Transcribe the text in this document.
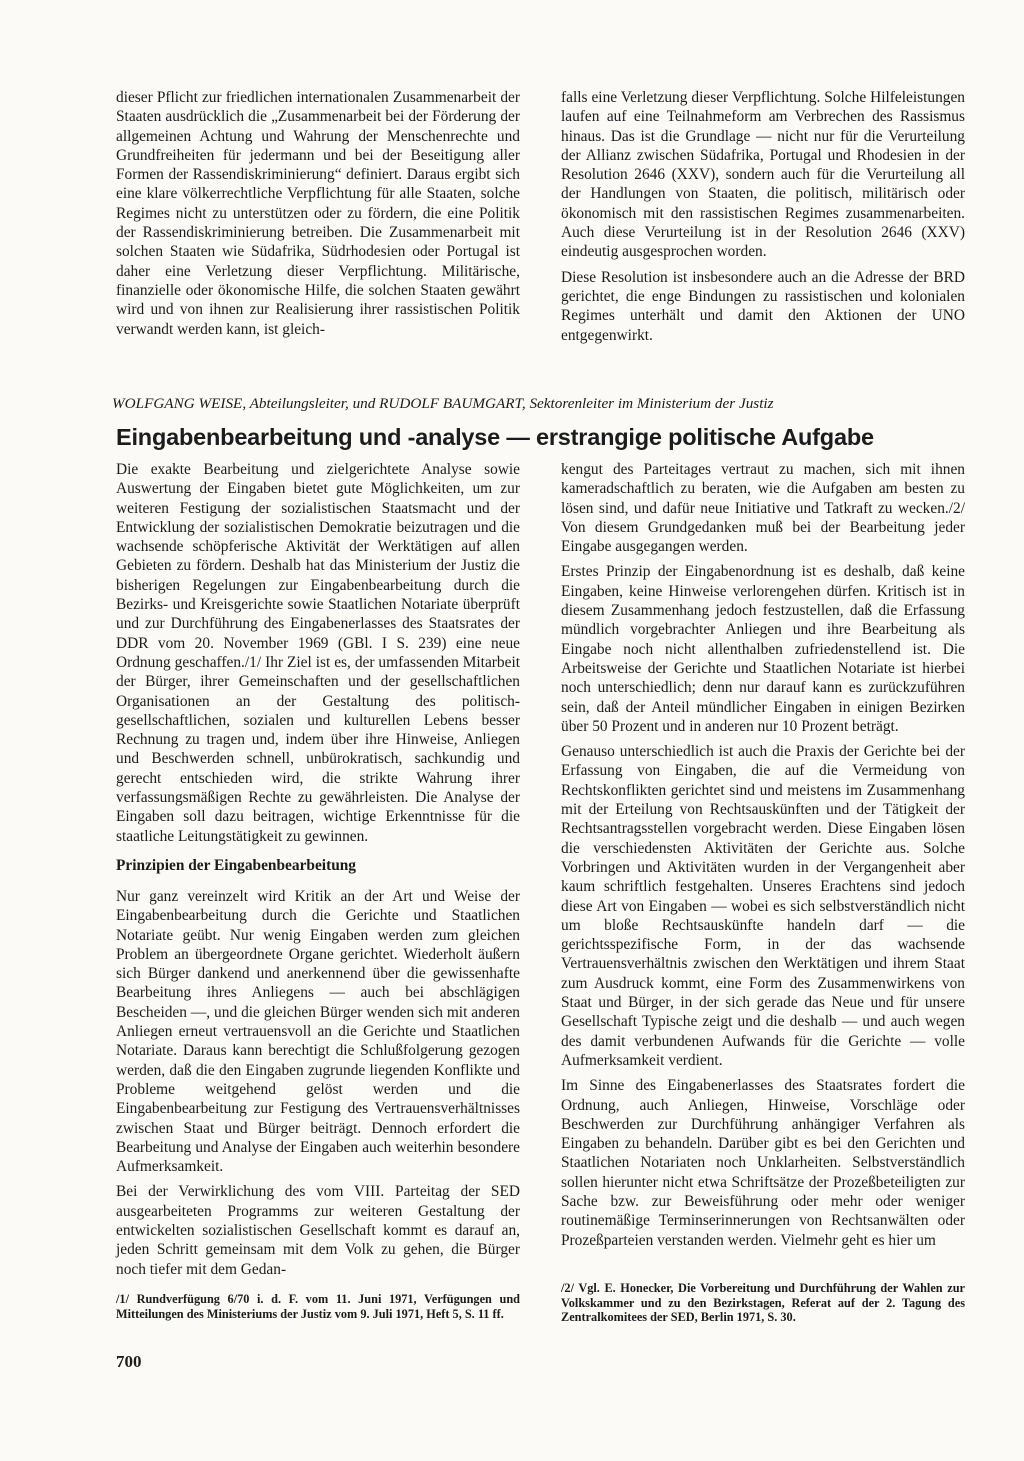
dieser Pflicht zur friedlichen internationalen Zusammenarbeit der Staaten ausdrücklich die „Zusammenarbeit bei der Förderung der allgemeinen Achtung und Wahrung der Menschenrechte und Grundfreiheiten für jedermann und bei der Beseitigung aller Formen der Rassendiskriminierung“ definiert. Daraus ergibt sich eine klare völkerrechtliche Verpflichtung für alle Staaten, solche Regimes nicht zu unterstützen oder zu fördern, die eine Politik der Rassendiskriminierung betreiben. Die Zusammenarbeit mit solchen Staaten wie Südafrika, Südrhodesien oder Portugal ist daher eine Verletzung dieser Verpflichtung. Militärische, finanzielle oder ökonomische Hilfe, die solchen Staaten gewährt wird und von ihnen zur Realisierung ihrer rassistischen Politik verwandt werden kann, ist gleich-

falls eine Verletzung dieser Verpflichtung. Solche Hilfeleistungen laufen auf eine Teilnahmeform am Verbrechen des Rassismus hinaus. Das ist die Grundlage — nicht nur für die Verurteilung der Allianz zwischen Südafrika, Portugal und Rhodesien in der Resolution 2646 (XXV), sondern auch für die Verurteilung all der Handlungen von Staaten, die politisch, militärisch oder ökonomisch mit den rassistischen Regimes zusammenarbeiten. Auch diese Verurteilung ist in der Resolution 2646 (XXV) eindeutig ausgesprochen worden.

Diese Resolution ist insbesondere auch an die Adresse der BRD gerichtet, die enge Bindungen zu rassistischen und kolonialen Regimes unterhält und damit den Aktionen der UNO entgegenwirkt.

WOLFGANG WEISE, Abteilungsleiter, und RUDOLF BAUMGART, Sektorenleiter im Ministerium der Justiz

Eingabenbearbeitung und -analyse — erstrangige politische Aufgabe

Die exakte Bearbeitung und zielgerichtete Analyse sowie Auswertung der Eingaben bietet gute Möglichkeiten, um zur weiteren Festigung der sozialistischen Staatsmacht und der Entwicklung der sozialistischen Demokratie beizutragen und die wachsende schöpferische Aktivität der Werktätigen auf allen Gebieten zu fördern. Deshalb hat das Ministerium der Justiz die bisherigen Regelungen zur Eingabenbearbeitung durch die Bezirks- und Kreisgerichte sowie Staatlichen Notariate überprüft und zur Durchführung des Eingabenerlasses des Staatsrates der DDR vom 20. November 1969 (GBl. I S. 239) eine neue Ordnung geschaffen./1/ Ihr Ziel ist es, der umfassenden Mitarbeit der Bürger, ihrer Gemeinschaften und der gesellschaftlichen Organisationen an der Gestaltung des politisch-gesellschaftlichen, sozialen und kulturellen Lebens besser Rechnung zu tragen und, indem über ihre Hinweise, Anliegen und Beschwerden schnell, unbürokratisch, sachkundig und gerecht entschieden wird, die strikte Wahrung ihrer verfassungsmäßigen Rechte zu gewährleisten. Die Analyse der Eingaben soll dazu beitragen, wichtige Erkenntnisse für die staatliche Leitungstätigkeit zu gewinnen.

Prinzipien der Eingabenbearbeitung

Nur ganz vereinzelt wird Kritik an der Art und Weise der Eingabenbearbeitung durch die Gerichte und Staatlichen Notariate geübt. Nur wenig Eingaben werden zum gleichen Problem an übergeordnete Organe gerichtet. Wiederholt äußern sich Bürger dankend und anerkennend über die gewissenhafte Bearbeitung ihres Anliegens — auch bei abschlägigen Bescheiden —, und die gleichen Bürger wenden sich mit anderen Anliegen erneut vertrauensvoll an die Gerichte und Staatlichen Notariate. Daraus kann berechtigt die Schlußfolgerung gezogen werden, daß die den Eingaben zugrunde liegenden Konflikte und Probleme weitgehend gelöst werden und die Eingabenbearbeitung zur Festigung des Vertrauensverhältnisses zwischen Staat und Bürger beiträgt. Dennoch erfordert die Bearbeitung und Analyse der Eingaben auch weiterhin besondere Aufmerksamkeit.

Bei der Verwirklichung des vom VIII. Parteitag der SED ausgearbeiteten Programms zur weiteren Gestaltung der entwickelten sozialistischen Gesellschaft kommt es darauf an, jeden Schritt gemeinsam mit dem Volk zu gehen, die Bürger noch tiefer mit dem Gedan-

/1/ Rundverfügung 6/70 i. d. F. vom 11. Juni 1971, Verfügungen und Mitteilungen des Ministeriums der Justiz vom 9. Juli 1971, Heft 5, S. 11 ff.

kengut des Parteitages vertraut zu machen, sich mit ihnen kameradschaftlich zu beraten, wie die Aufgaben am besten zu lösen sind, und dafür neue Initiative und Tatkraft zu wecken./2/ Von diesem Grundgedanken muß bei der Bearbeitung jeder Eingabe ausgegangen werden.

Erstes Prinzip der Eingabenordnung ist es deshalb, daß keine Eingaben, keine Hinweise verlorengehen dürfen. Kritisch ist in diesem Zusammenhang jedoch festzustellen, daß die Erfassung mündlich vorgebrachter Anliegen und ihre Bearbeitung als Eingabe noch nicht allenthalben zufriedenstellend ist. Die Arbeitsweise der Gerichte und Staatlichen Notariate ist hierbei noch unterschiedlich; denn nur darauf kann es zurückzuführen sein, daß der Anteil mündlicher Eingaben in einigen Bezirken über 50 Prozent und in anderen nur 10 Prozent beträgt.

Genauso unterschiedlich ist auch die Praxis der Gerichte bei der Erfassung von Eingaben, die auf die Vermeidung von Rechtskonflikten gerichtet sind und meistens im Zusammenhang mit der Erteilung von Rechtsauskünften und der Tätigkeit der Rechtsantragsstellen vorgebracht werden. Diese Eingaben lösen die verschiedensten Aktivitäten der Gerichte aus. Solche Vorbringen und Aktivitäten wurden in der Vergangenheit aber kaum schriftlich festgehalten. Unseres Erachtens sind jedoch diese Art von Eingaben — wobei es sich selbstverständlich nicht um bloße Rechtsauskünfte handeln darf — die gerichtsspezifische Form, in der das wachsende Vertrauensverhältnis zwischen den Werktätigen und ihrem Staat zum Ausdruck kommt, eine Form des Zusammenwirkens von Staat und Bürger, in der sich gerade das Neue und für unsere Gesellschaft Typische zeigt und die deshalb — und auch wegen des damit verbundenen Aufwands für die Gerichte — volle Aufmerksamkeit verdient.

Im Sinne des Eingabenerlasses des Staatsrates fordert die Ordnung, auch Anliegen, Hinweise, Vorschläge oder Beschwerden zur Durchführung anhängiger Verfahren als Eingaben zu behandeln. Darüber gibt es bei den Gerichten und Staatlichen Notariaten noch Unklarheiten. Selbstverständlich sollen hierunter nicht etwa Schriftsätze der Prozeßbeteiligten zur Sache bzw. zur Beweisführung oder mehr oder weniger routinemäßige Terminserinnerungen von Rechtsanwälten oder Prozeßparteien verstanden werden. Vielmehr geht es hier um

/2/ Vgl. E. Honecker, Die Vorbereitung und Durchführung der Wahlen zur Volkskammer und zu den Bezirkstagen, Referat auf der 2. Tagung des Zentralkomitees der SED, Berlin 1971, S. 30.

700
